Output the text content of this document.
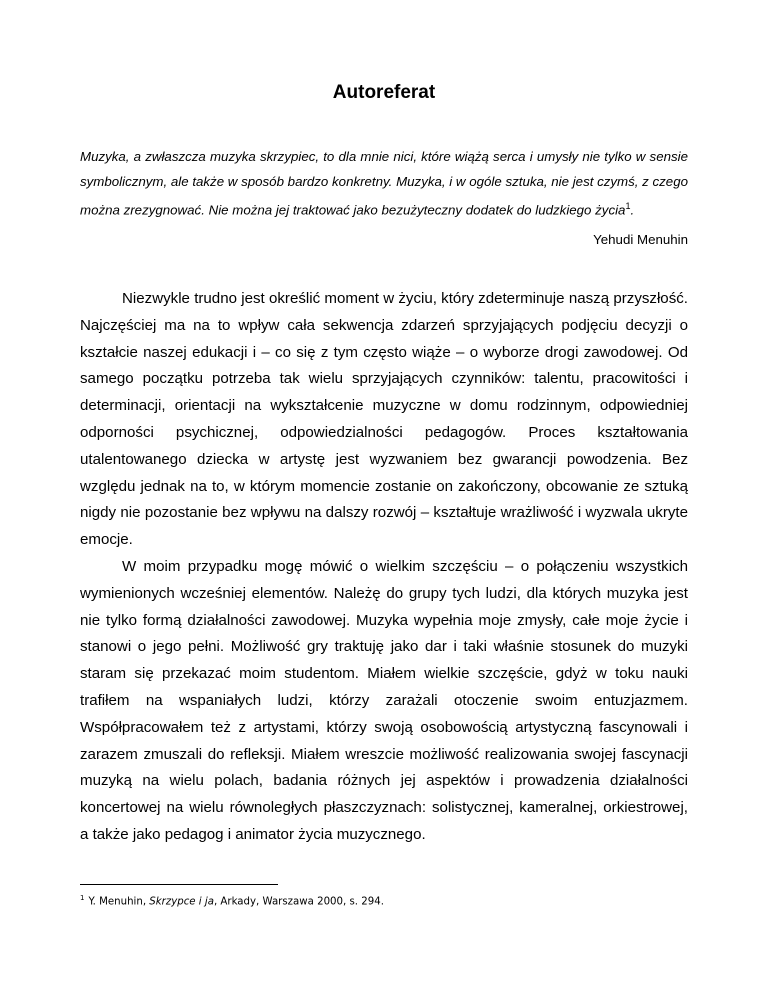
Autoreferat
Muzyka, a zwłaszcza muzyka skrzypiec, to dla mnie nici, które wiążą serca i umysły nie tylko w sensie symbolicznym, ale także w sposób bardzo konkretny. Muzyka, i w ogóle sztuka, nie jest czymś, z czego można zrezygnować. Nie można jej traktować jako bezużyteczny dodatek do ludzkiego życia$^1$.
Yehudi Menuhin

Niezwykle trudno jest określić moment w życiu, który zdeterminuje naszą przyszłość. Najczęściej ma na to wpływ cała sekwencja zdarzeń sprzyjających podjęciu decyzji o kształcie naszej edukacji i – co się z tym często wiąże – o wyborze drogi zawodowej. Od samego początku potrzeba tak wielu sprzyjających czynników: talentu, pracowitości i determinacji, orientacji na wykształcenie muzyczne w domu rodzinnym, odpowiedniej odporności psychicznej, odpowiedzialności pedagogów. Proces kształtowania utalentowanego dziecka w artystę jest wyzwaniem bez gwarancji powodzenia. Bez względu jednak na to, w którym momencie zostanie on zakończony, obcowanie ze sztuką nigdy nie pozostanie bez wpływu na dalszy rozwój – kształtuje wrażliwość i wyzwala ukryte emocje.

W moim przypadku mogę mówić o wielkim szczęściu – o połączeniu wszystkich wymienionych wcześniej elementów. Należę do grupy tych ludzi, dla których muzyka jest nie tylko formą działalności zawodowej. Muzyka wypełnia moje zmysły, całe moje życie i stanowi o jego pełni. Możliwość gry traktuję jako dar i taki właśnie stosunek do muzyki staram się przekazać moim studentom. Miałem wielkie szczęście, gdyż w toku nauki trafiłem na wspaniałych ludzi, którzy zarażali otoczenie swoim entuzjazmem. Współpracowałem też z artystami, którzy swoją osobowością artystyczną fascynowali i zarazem zmuszali do refleksji. Miałem wreszcie możliwość realizowania swojej fascynacji muzyką na wielu polach, badania różnych jej aspektów i prowadzenia działalności koncertowej na wielu równoległych płaszczyznach: solistycznej, kameralnej, orkiestrowej, a także jako pedagog i animator życia muzycznego.

$^1$ Y. Menuhin, Skrzypce i ja, Arkady, Warszawa 2000, s. 294.
